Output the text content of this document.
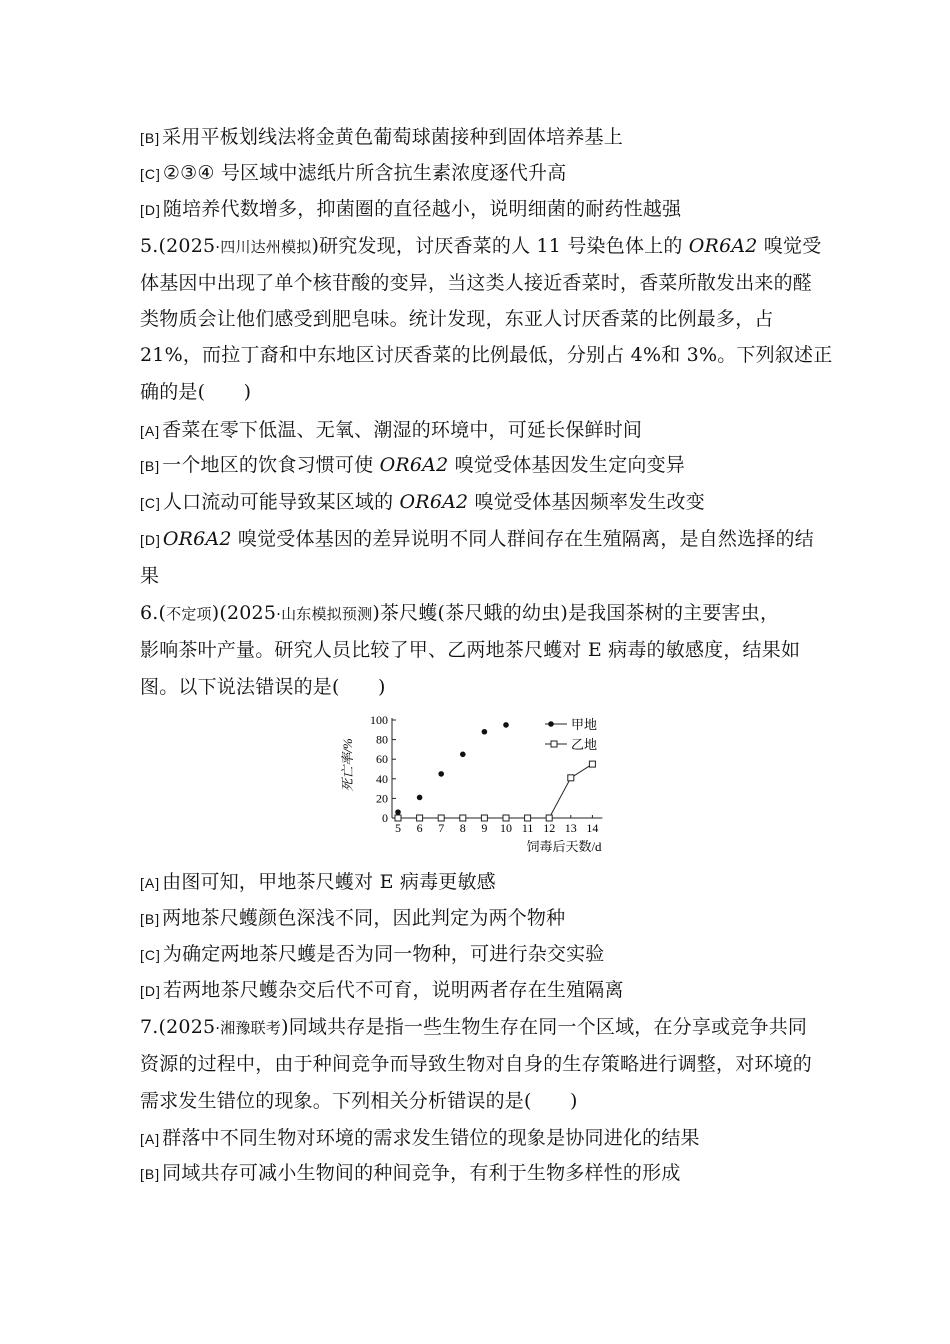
[B] 采用平板划线法将金黄色葡萄球菌接种到固体培养基上
[C] ②③④ 号区域中滤纸片所含抗生素浓度逐代升高
[D] 随培养代数增多，抑菌圈的直径越小，说明细菌的耐药性越强
5.(2025·四川达州模拟)研究发现，讨厌香菜的人 11 号染色体上的 OR6A2 嗅觉受
体基因中出现了单个核苷酸的变异，当这类人接近香菜时，香菜所散发出来的醛
类物质会让他们感受到肥皂味。统计发现，东亚人讨厌香菜的比例最多，占
21%，而拉丁裔和中东地区讨厌香菜的比例最低，分别占 4%和 3%。下列叙述正
确的是(　　)
[A] 香菜在零下低温、无氧、潮湿的环境中，可延长保鲜时间
[B] 一个地区的饮食习惯可使 OR6A2 嗅觉受体基因发生定向变异
[C] 人口流动可能导致某区域的 OR6A2 嗅觉受体基因频率发生改变
[D] OR6A2 嗅觉受体基因的差异说明不同人群间存在生殖隔离，是自然选择的结
果
6.(不定项)(2025·山东模拟预测)茶尺蠖(茶尺蛾的幼虫)是我国茶树的主要害虫，
影响茶叶产量。研究人员比较了甲、乙两地茶尺蠖对 E 病毒的敏感度，结果如
图。以下说法错误的是(　　)
0
20
40
60
80
100
5 6 7 8 9 10 11 12 13 14
甲地
乙地
死亡率/%
饲毒后天数/d
[A] 由图可知，甲地茶尺蠖对 E 病毒更敏感
[B] 两地茶尺蠖颜色深浅不同，因此判定为两个物种
[C] 为确定两地茶尺蠖是否为同一物种，可进行杂交实验
[D] 若两地茶尺蠖杂交后代不可育，说明两者存在生殖隔离
7.(2025·湘豫联考)同域共存是指一些生物生存在同一个区域，在分享或竞争共同
资源的过程中，由于种间竞争而导致生物对自身的生存策略进行调整，对环境的
需求发生错位的现象。下列相关分析错误的是(　　)
[A] 群落中不同生物对环境的需求发生错位的现象是协同进化的结果
[B] 同域共存可减小生物间的种间竞争，有利于生物多样性的形成
